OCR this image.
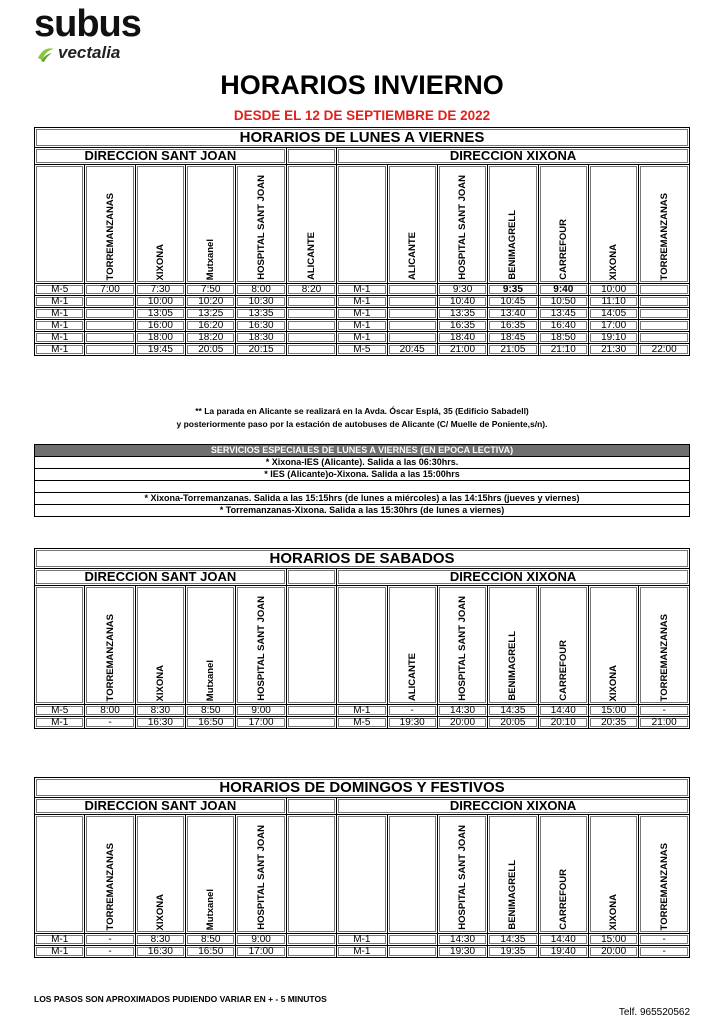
subus
vectalia
HORARIOS INVIERNO
DESDE EL 12 DE SEPTIEMBRE DE 2022
HORARIOS DE LUNES A VIERNES												
DIRECCION SANT JOAN						DIRECCION XIXONA						
	TORREMANZANAS	XIXONA	Mutxanel	HOSPITAL SANT JOAN	ALICANTE		ALICANTE	HOSPITAL SANT JOAN	BENIMAGRELL	CARREFOUR	XIXONA	TORREMANZANAS
M-5	7:00	7:30	7:50	8:00	8:20	M-1		9:30	9:35	9:40	10:00	
M-1		10:00	10:20	10:30		M-1		10:40	10:45	10:50	11:10	
M-1		13:05	13:25	13:35		M-1		13:35	13:40	13:45	14:05	
M-1		16:00	16:20	16:30		M-1		16:35	16:35	16:40	17:00	
M-1		18:00	18:20	18:30		M-1		18:40	18:45	18:50	19:10	
M-1		19:45	20:05	20:15		M-5	20:45	21:00	21:05	21:10	21:30	22:00
** La parada en Alicante se realizará en la Avda. Óscar Esplá, 35 (Edificio Sabadell)
y posteriormente paso por la estación de autobuses de Alicante (C/ Muelle de Poniente,s/n).
SERVICIOS ESPECIALES DE LUNES A VIERNES (EN EPOCA LECTIVA)
* Xixona-IES (Alicante). Salida a las 06:30hrs.
* IES (Alicante)o-Xixona. Salida a las 15:00hrs

* Xixona-Torremanzanas. Salida a las 15:15hrs (de lunes a miércoles) a las 14:15hrs (jueves y viernes)
* Torremanzanas-Xixona. Salida a las 15:30hrs (de lunes a viernes)
HORARIOS DE SABADOS												
DIRECCION SANT JOAN						DIRECCION XIXONA						
	TORREMANZANAS	XIXONA	Mutxanel	HOSPITAL SANT JOAN			ALICANTE	HOSPITAL SANT JOAN	BENIMAGRELL	CARREFOUR	XIXONA	TORREMANZANAS
M-5	8:00	8:30	8:50	9:00		M-1	-	14:30	14:35	14:40	15:00	-
M-1	-	16:30	16:50	17:00		M-5	19:30	20:00	20:05	20:10	20:35	21:00
HORARIOS DE DOMINGOS Y FESTIVOS												
DIRECCION SANT JOAN						DIRECCION XIXONA						
	TORREMANZANAS	XIXONA	Mutxanel	HOSPITAL SANT JOAN				HOSPITAL SANT JOAN	BENIMAGRELL	CARREFOUR	XIXONA	TORREMANZANAS
M-1	-	8:30	8:50	9:00		M-1		14:30	14:35	14:40	15:00	-
M-1	-	16:30	16:50	17:00		M-1		19:30	19:35	19:40	20:00	-
LOS PASOS SON APROXIMADOS PUDIENDO VARIAR EN + - 5 MINUTOS
Telf. 965520562
